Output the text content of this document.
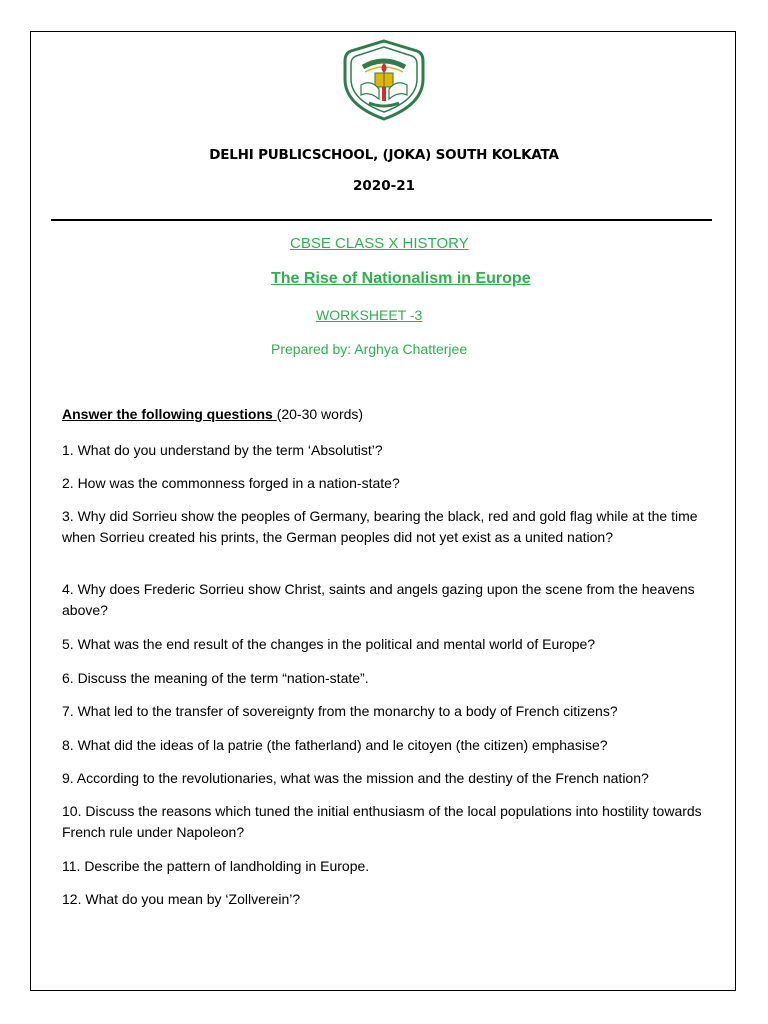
DELHI PUBLICSCHOOL, (JOKA) SOUTH KOLKATA
2020-21
CBSE CLASS X HISTORY
The Rise of Nationalism in Europe
WORKSHEET -3
Prepared by: Arghya Chatterjee
Answer the following questions (20-30 words)
1. What do you understand by the term ‘Absolutist’?
2. How was the commonness forged in a nation-state?
3. Why did Sorrieu show the peoples of Germany, bearing the black, red and gold flag while at the time when Sorrieu created his prints, the German peoples did not yet exist as a united nation?
4. Why does Frederic Sorrieu show Christ, saints and angels gazing upon the scene from the heavens above?
5. What was the end result of the changes in the political and mental world of Europe?
6. Discuss the meaning of the term “nation-state”.
7. What led to the transfer of sovereignty from the monarchy to a body of French citizens?
8. What did the ideas of la patrie (the fatherland) and le citoyen (the citizen) emphasise?
9. According to the revolutionaries, what was the mission and the destiny of the French nation?
10. Discuss the reasons which tuned the initial enthusiasm of the local populations into hostility towards French rule under Napoleon?
11. Describe the pattern of landholding in Europe.
12. What do you mean by ‘Zollverein’?
